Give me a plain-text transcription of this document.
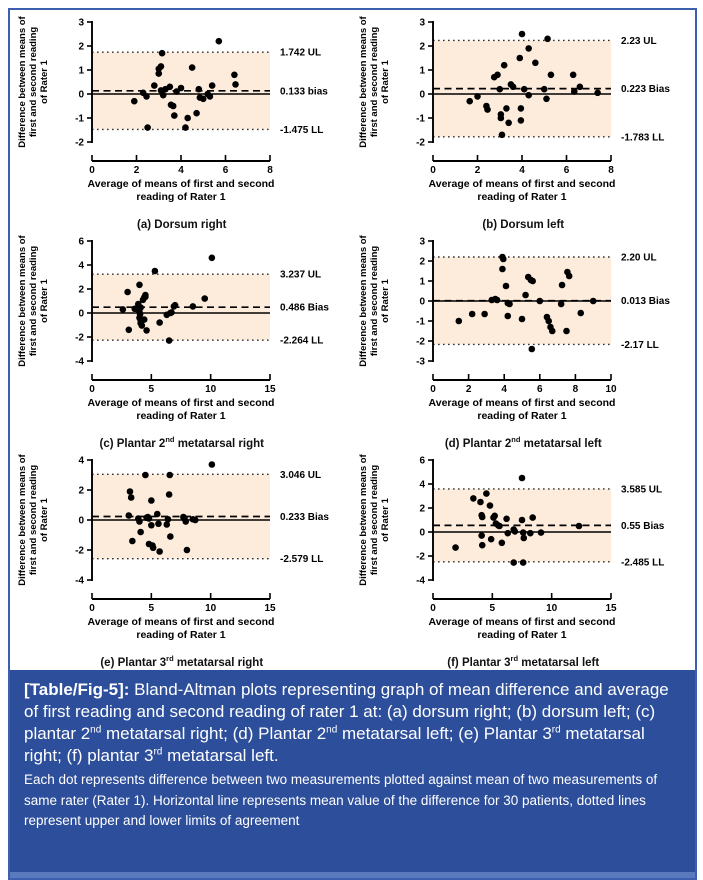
3
2
1
0
-1
-2
0	2	4	6	8
1.742 UL
0.133 bias
-1.475 LL
Average of means of first and second
reading of Rater 1
Difference between means of first and second reading of Rater 1
(a) Dorsum right
3
2
1
0
-1
-2
0	2	4	6	8
2.23 UL
0.223 Bias
-1.783 LL
Average of means of first and second
reading of Rater 1
Difference between means of first and second reading of Rater 1
(b) Dorsum left
6
4
2
0
-2
-4
0	5	10	15
3.237 UL
0.486 Bias
-2.264 LL
Average of means of first and second
reading of Rater 1
Difference between means of first and second reading of Rater 1
(c) Plantar 2nd metatarsal right
3
2
1
0
-1
-2
-3
0	2	4	6	8	10
2.20 UL
0.013 Bias
-2.17 LL
Average of means of first and second
reading of Rater 1
Difference between means of first and second reading of Rater 1
(d) Plantar 2nd metatarsal left
4
2
0
-2
-4
0	5	10	15
3.046 UL
0.233 Bias
-2.579 LL
Average of means of first and second
reading of Rater 1
Difference between means of first and second reading of Rater 1
(e) Plantar 3rd metatarsal right
6
4
2
0
-2
-4
0	5	10	15
3.585 UL
0.55 Bias
-2.485 LL
Average of means of first and second
reading of Rater 1
Difference between means of first and second reading of Rater 1
(f) Plantar 3rd metatarsal left
[Table/Fig-5]: Bland-Altman plots representing graph of mean difference and average of first reading and second reading of rater 1 at: (a) dorsum right; (b) dorsum left; (c) plantar 2nd metatarsal right; (d) Plantar 2nd metatarsal left; (e) Plantar 3rd metatarsal right; (f) plantar 3rd metatarsal left.
Each dot represents difference between two measurements plotted against mean of two measurements of same rater (Rater 1). Horizontal line represents mean value of the difference for 30 patients, dotted lines represent upper and lower limits of agreement
